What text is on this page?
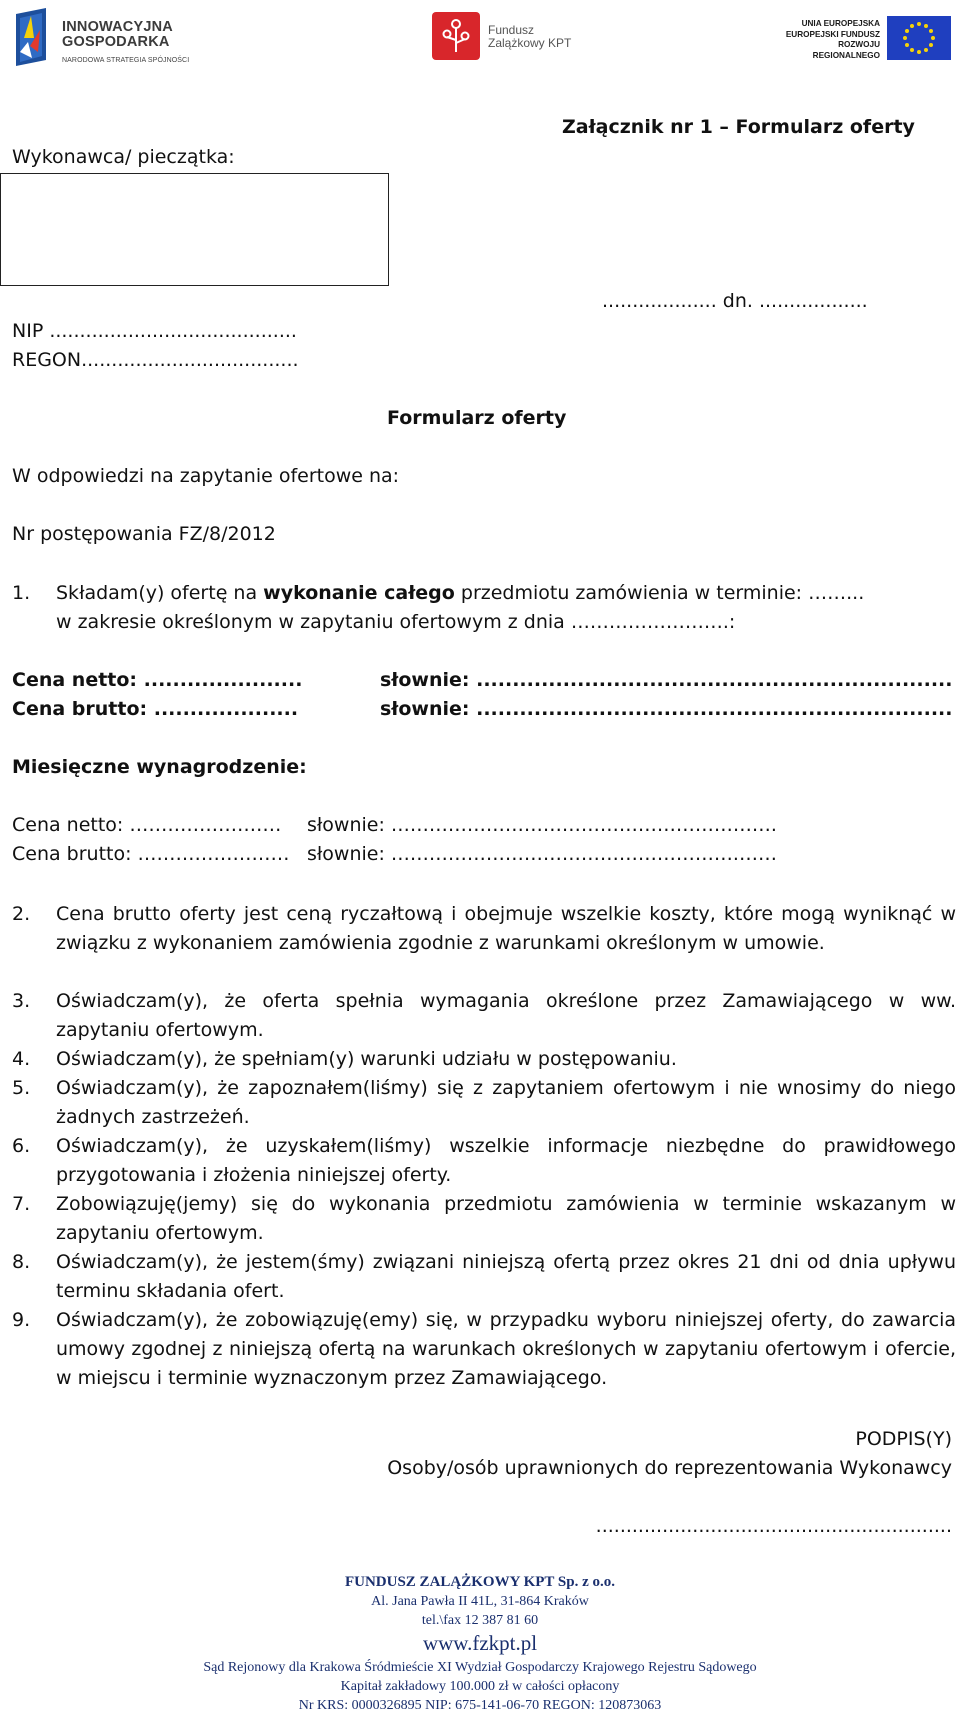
INNOWACYJNA GOSPODARKA
NARODOWA STRATEGIA SPÓJNOŚCI
Fundusz Zalążkowy KPT
UNIA EUROPEJSKA EUROPEJSKI FUNDUSZ ROZWOJU REGIONALNEGO
Załącznik nr 1 – Formularz oferty
Wykonawca/ pieczątka:
................... dn. ..................
NIP .........................................
REGON....................................
Formularz oferty
W odpowiedzi na zapytanie ofertowe na:
Nr postępowania FZ/8/2012
1. Składam(y) ofertę na wykonanie całego przedmiotu zamówienia w terminie: ……...
w zakresie określonym w zapytaniu ofertowym z dnia …………………….:
Cena netto: ......................	słownie: ..................................................................
Cena brutto: ....................	słownie: ..................................................................
Miesięczne wynagrodzenie:
Cena netto: …………………… słownie: …………………………………………………….
Cena brutto: …………………… słownie: ……………………………………………….……
2. Cena brutto oferty jest ceną ryczałtową i obejmuje wszelkie koszty, które mogą wyniknąć w związku z wykonaniem zamówienia zgodnie z warunkami określonym w umowie.
3. Oświadczam(y), że oferta spełnia wymagania określone przez Zamawiającego w ww. zapytaniu ofertowym.
4. Oświadczam(y), że spełniam(y) warunki udziału w postępowaniu.
5. Oświadczam(y), że zapoznałem(liśmy) się z zapytaniem ofertowym i nie wnosimy do niego żadnych zastrzeżeń.
6. Oświadczam(y), że uzyskałem(liśmy) wszelkie informacje niezbędne do prawidłowego przygotowania i złożenia niniejszej oferty.
7. Zobowiązuję(jemy) się do wykonania przedmiotu zamówienia w terminie wskazanym w zapytaniu ofertowym.
8. Oświadczam(y), że jestem(śmy) związani niniejszą ofertą przez okres 21 dni od dnia upływu terminu składania ofert.
9. Oświadczam(y), że zobowiązuję(emy) się, w przypadku wyboru niniejszej oferty, do zawarcia umowy zgodnej z niniejszą ofertą na warunkach określonych w zapytaniu ofertowym i ofercie, w miejscu i terminie wyznaczonym przez Zamawiającego.
PODPIS(Y)
Osoby/osób uprawnionych do reprezentowania Wykonawcy
...........................................................
FUNDUSZ ZALĄŻKOWY KPT Sp. z o.o.
Al. Jana Pawła II 41L, 31-864 Kraków
tel.\fax 12 387 81 60
www.fzkpt.pl
Sąd Rejonowy dla Krakowa Śródmieście XI Wydział Gospodarczy Krajowego Rejestru Sądowego
Kapitał zakładowy 100.000 zł w całości opłacony
Nr KRS: 0000326895 NIP: 675-141-06-70 REGON: 120873063
